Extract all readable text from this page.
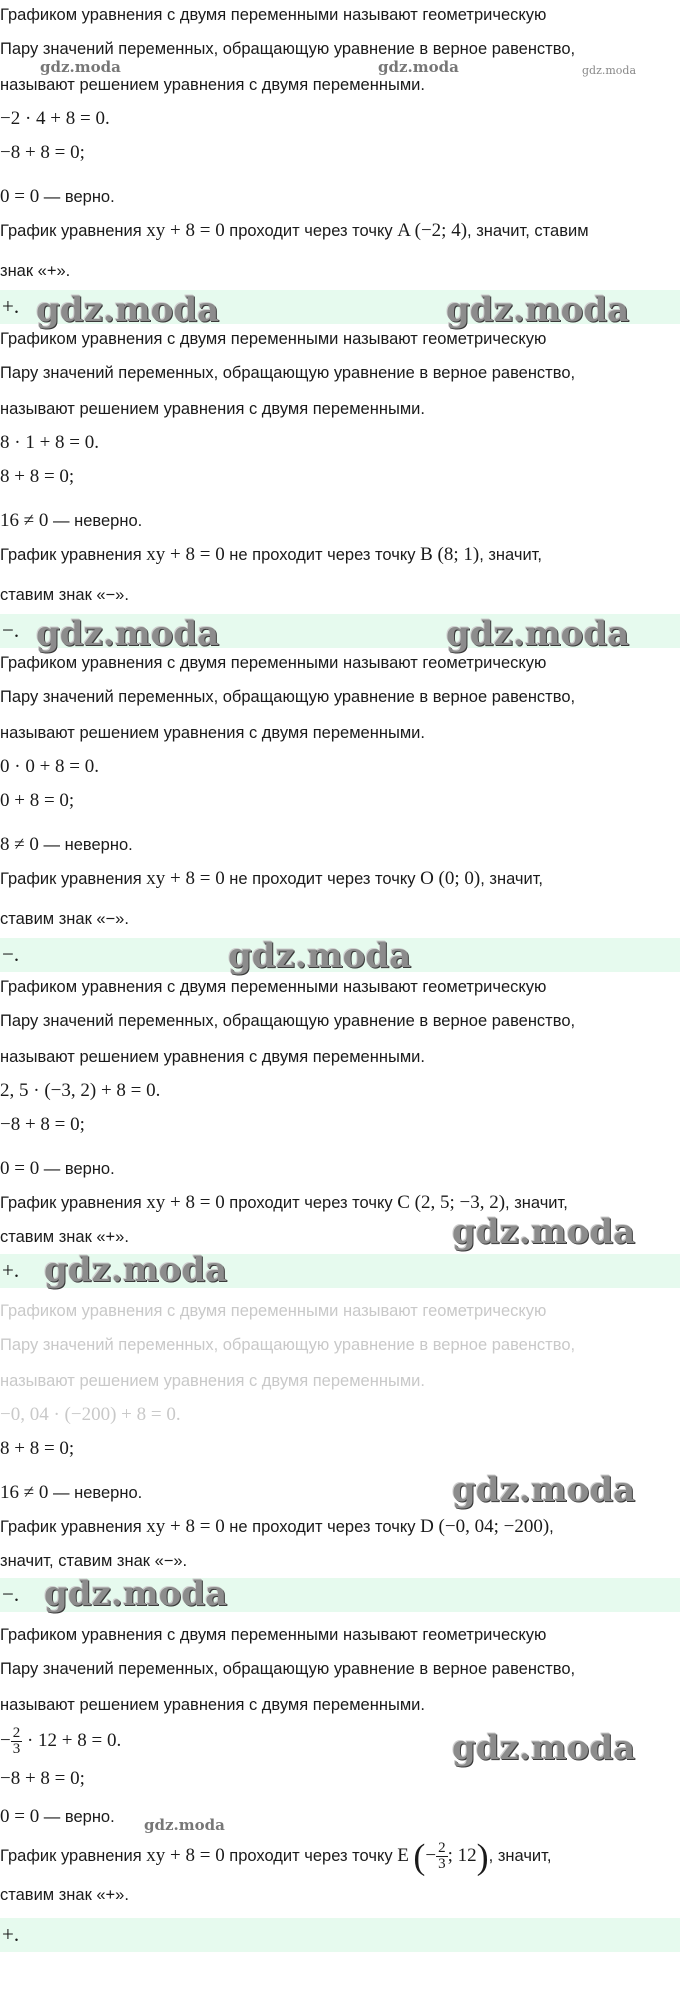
Графиком уравнения с двумя переменными называют геометрическую
Пару значений переменных, обращающую уравнение в верное равенство,
называют решением уравнения с двумя переменными.
−2 · 4 + 8 = 0.
−8 + 8 = 0;
0 = 0 — верно.
График уравнения xy + 8 = 0 проходит через точку A (−2; 4), значит, ставим
знак «+».
+.
Графиком уравнения с двумя переменными называют геометрическую
Пару значений переменных, обращающую уравнение в верное равенство,
называют решением уравнения с двумя переменными.
8 · 1 + 8 = 0.
8 + 8 = 0;
16 ≠ 0 — неверно.
График уравнения xy + 8 = 0 не проходит через точку B (8; 1), значит,
ставим знак «−».
−.
Графиком уравнения с двумя переменными называют геометрическую
Пару значений переменных, обращающую уравнение в верное равенство,
называют решением уравнения с двумя переменными.
0 · 0 + 8 = 0.
0 + 8 = 0;
8 ≠ 0 — неверно.
График уравнения xy + 8 = 0 не проходит через точку O (0; 0), значит,
ставим знак «−».
−.
Графиком уравнения с двумя переменными называют геометрическую
Пару значений переменных, обращающую уравнение в верное равенство,
называют решением уравнения с двумя переменными.
2, 5 · (−3, 2) + 8 = 0.
−8 + 8 = 0;
0 = 0 — верно.
График уравнения xy + 8 = 0 проходит через точку C (2, 5; −3, 2), значит,
ставим знак «+».
+.
Графиком уравнения с двумя переменными называют геометрическую
Пару значений переменных, обращающую уравнение в верное равенство,
называют решением уравнения с двумя переменными.
−0, 04 · (−200) + 8 = 0.
8 + 8 = 0;
16 ≠ 0 — неверно.
График уравнения xy + 8 = 0 не проходит через точку D (−0, 04; −200),
значит, ставим знак «−».
−.
Графиком уравнения с двумя переменными называют геометрическую
Пару значений переменных, обращающую уравнение в верное равенство,
называют решением уравнения с двумя переменными.
− $\frac{2}{3} \cdot 12 + 8 = 0$.
−8 + 8 = 0;
0 = 0 — верно.
График уравнения xy + 8 = 0 проходит через точку E (− $\frac{2}{3}$ ; 12), значит,
ставим знак «+».
+.
gdz.moda	gdz.moda	gdz.moda
gdz.moda	gdz.moda
gdz.moda	gdz.moda
gdz.moda
gdz.moda
gdz.moda
gdz.moda
gdz.moda
gdz.moda
gdz.moda
